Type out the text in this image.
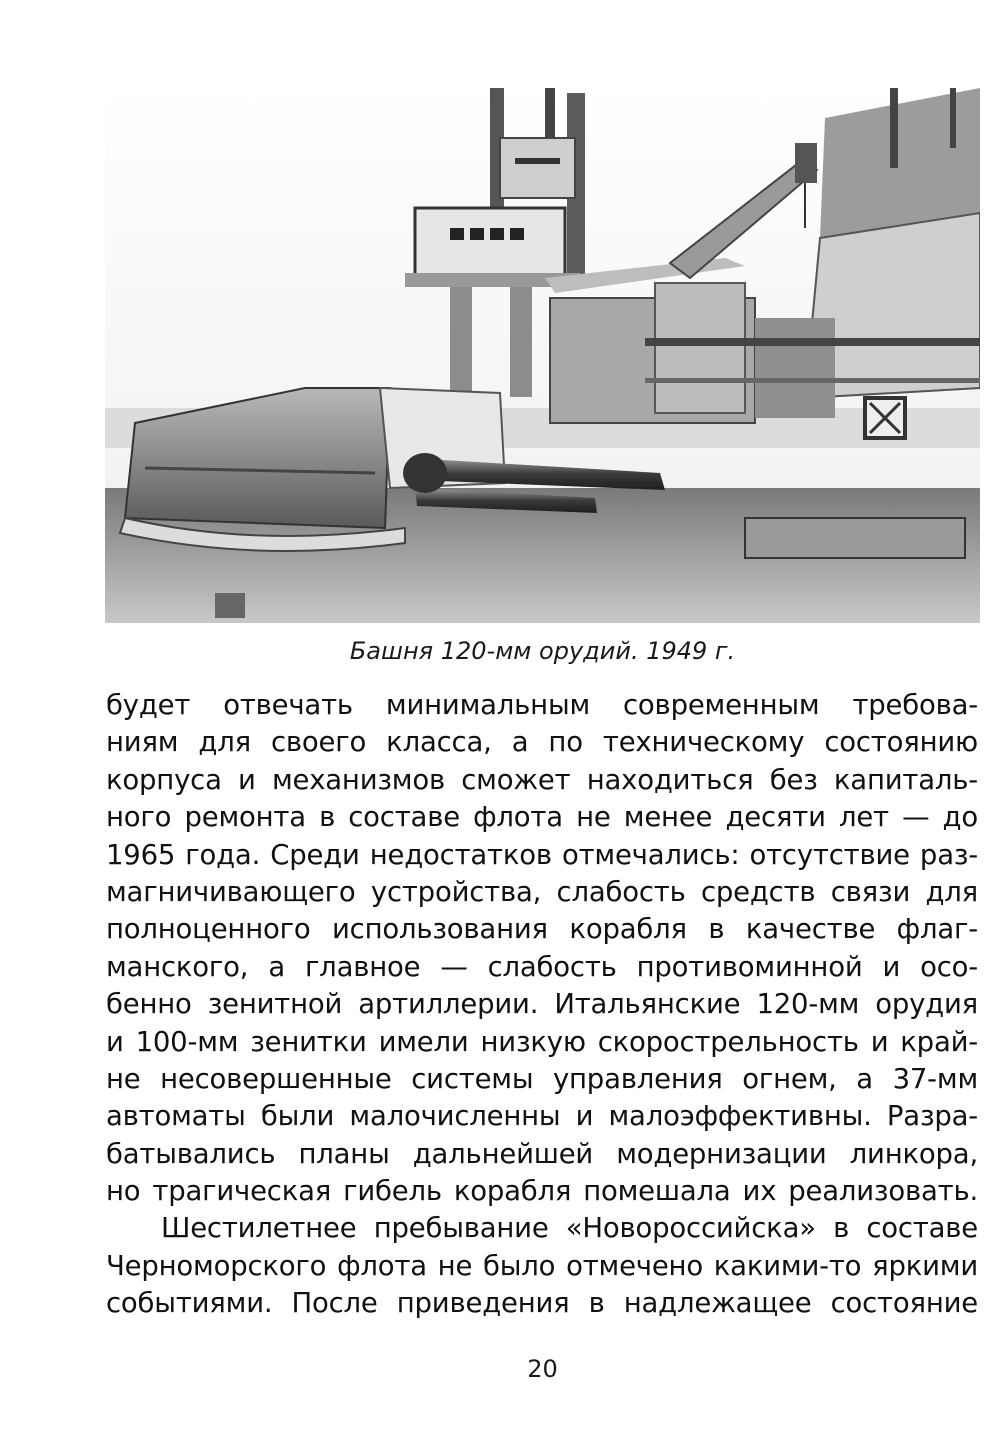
Башня 120-мм орудий. 1949 г.
будет отвечать минимальным современным требова-
ниям для своего класса, а по техническому состоянию
корпуса и механизмов сможет находиться без капиталь-
ного ремонта в составе флота не менее десяти лет — до
1965 года. Среди недостатков отмечались: отсутствие раз-
магничивающего устройства, слабость средств связи для
полноценного использования корабля в качестве флаг-
манского, а главное — слабость противоминной и осо-
бенно зенитной артиллерии. Итальянские 120-мм орудия
и 100-мм зенитки имели низкую скорострельность и край-
не несовершенные системы управления огнем, а 37-мм
автоматы были малочисленны и малоэффективны. Разра-
батывались планы дальнейшей модернизации линкора,
но трагическая гибель корабля помешала их реализовать.
Шестилетнее пребывание «Новороссийска» в составе
Черноморского флота не было отмечено какими-то яркими
событиями. После приведения в надлежащее состояние
20
